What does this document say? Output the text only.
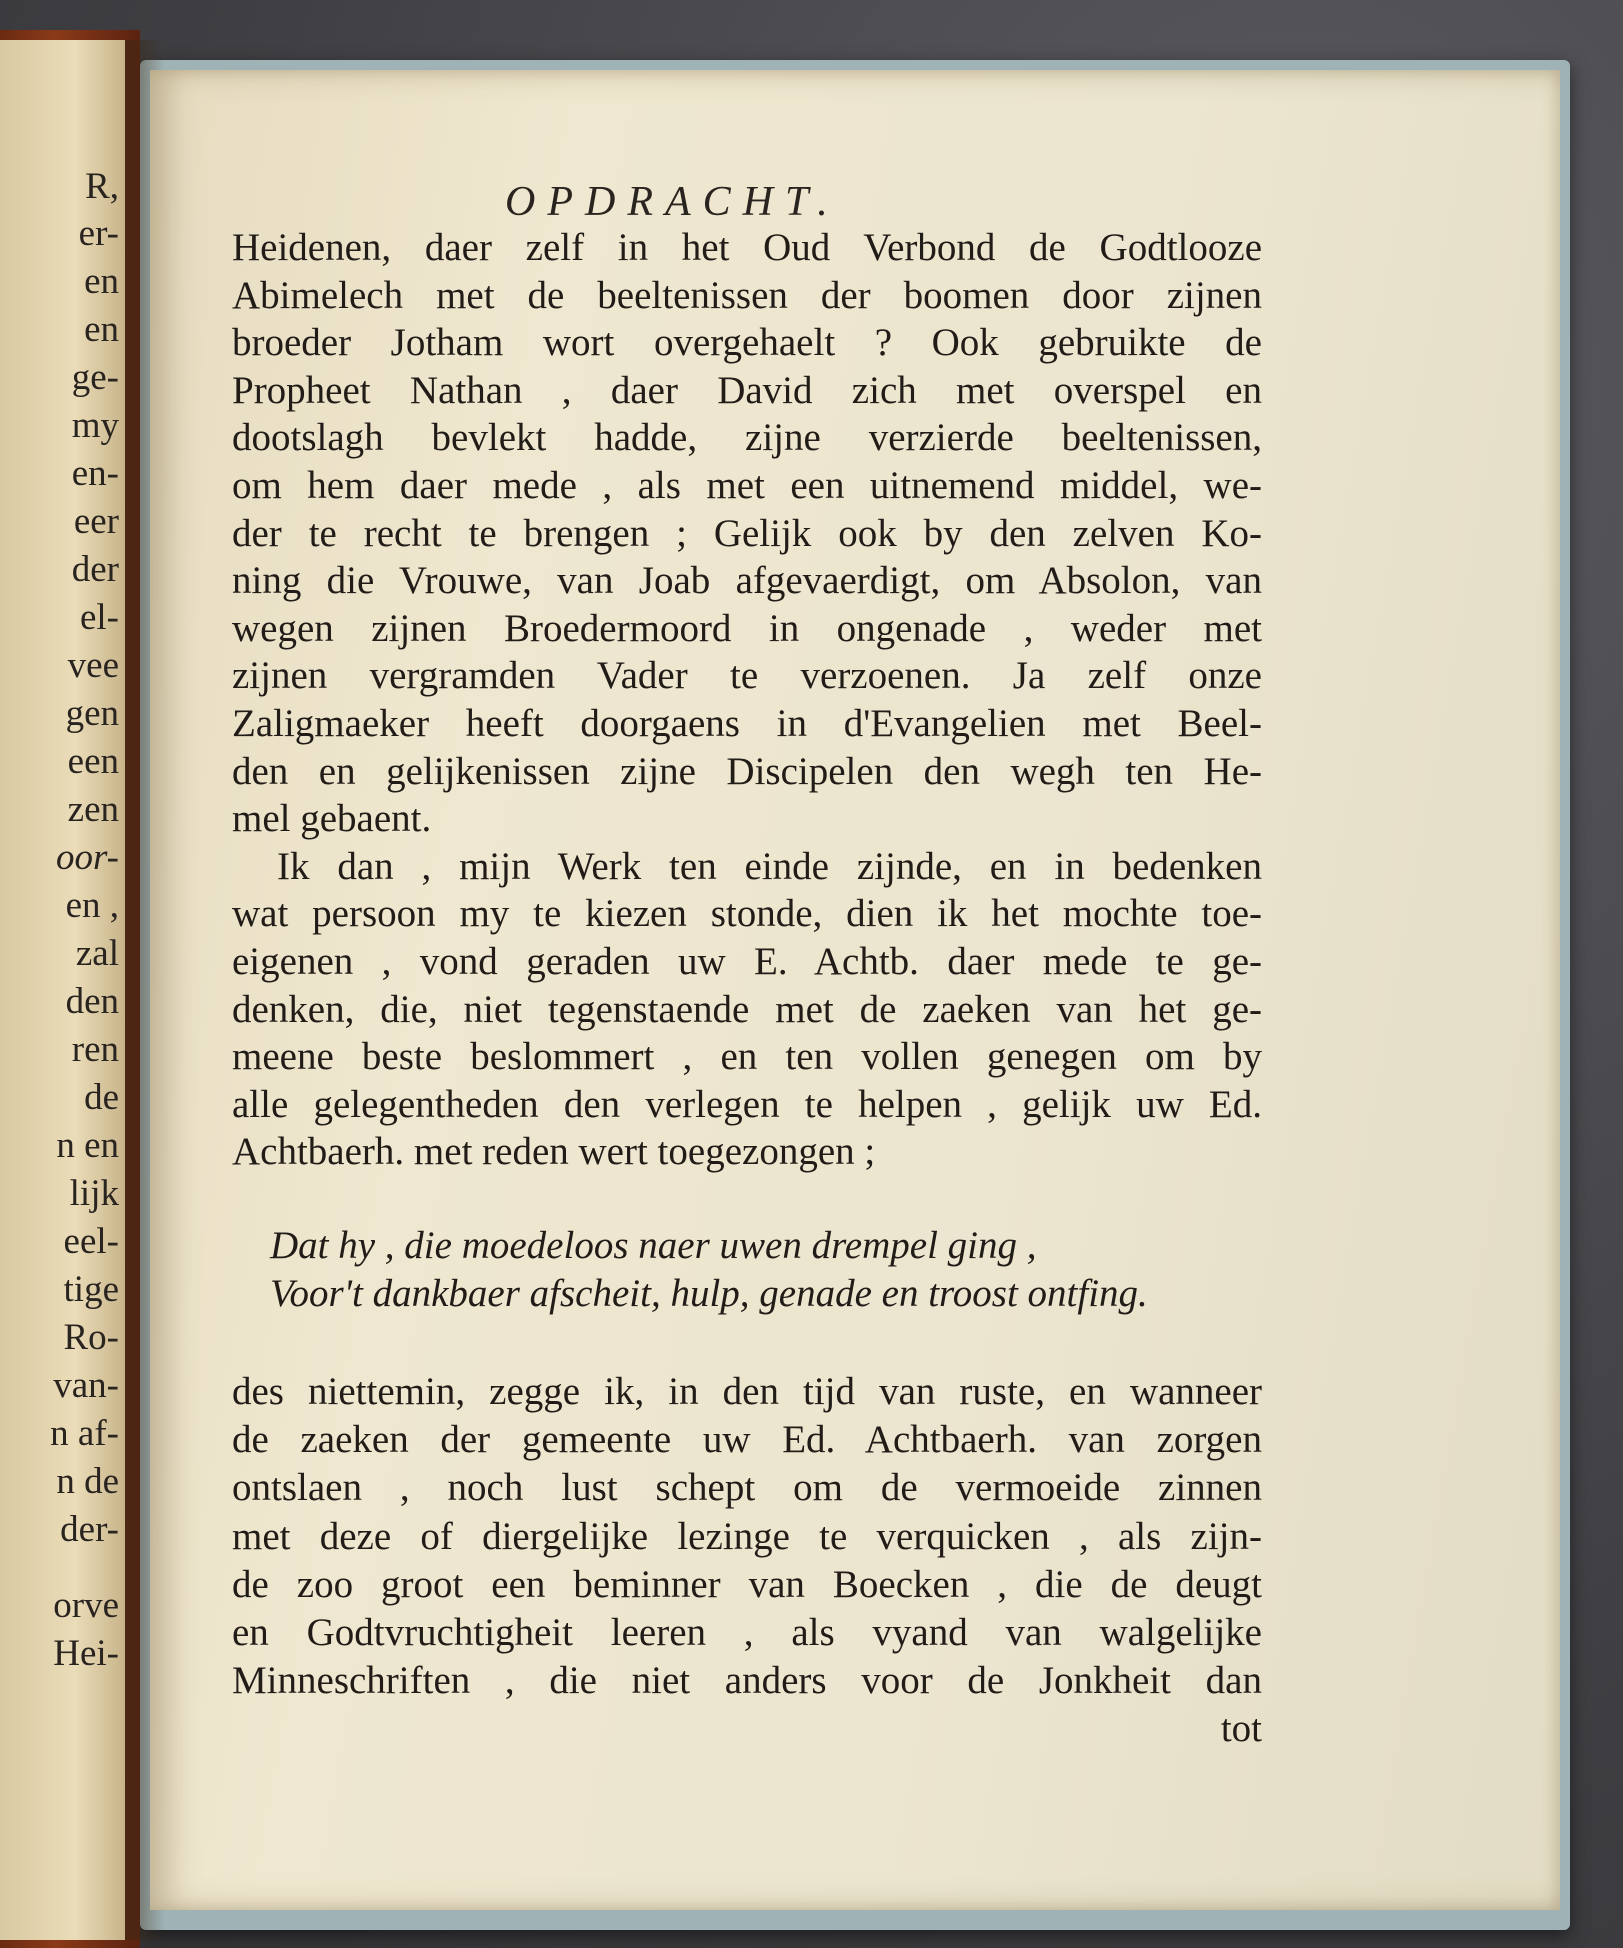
R,
er-
en
en
ge-
my
en-
eer
der
el-
vee
gen
een
zen
oor-
en ,
zal
den
ren
de
n en
lijk
eel-
tige
Ro-
van-
n af-
n de
der-
orve
Hei-
OPDRACHT.
Heidenen, daer zelf in het Oud Verbond de Godtlooze
Abimelech met de beeltenissen der boomen door zijnen
broeder Jotham wort overgehaelt ? Ook gebruikte de
Propheet Nathan , daer David zich met overspel en
dootslagh bevlekt hadde, zijne verzierde beeltenissen,
om hem daer mede , als met een uitnemend middel, we-
der te recht te brengen ; Gelijk ook by den zelven Ko-
ning die Vrouwe, van Joab afgevaerdigt, om Absolon, van
wegen zijnen Broedermoord in ongenade , weder met
zijnen vergramden Vader te verzoenen. Ja zelf onze
Zaligmaeker heeft doorgaens in d'Evangelien met Beel-
den en gelijkenissen zijne Discipelen den wegh ten He-
mel gebaent.
Ik dan , mijn Werk ten einde zijnde, en in bedenken
wat persoon my te kiezen stonde, dien ik het mochte toe-
eigenen , vond geraden uw E. Achtb. daer mede te ge-
denken, die, niet tegenstaende met de zaeken van het ge-
meene beste beslommert , en ten vollen genegen om by
alle gelegentheden den verlegen te helpen , gelijk uw Ed.
Achtbaerh. met reden wert toegezongen ;
Dat hy , die moedeloos naer uwen drempel ging ,
Voor't dankbaer afscheit, hulp, genade en troost ontfing.
des niettemin, zegge ik, in den tijd van ruste, en wanneer
de zaeken der gemeente uw Ed. Achtbaerh. van zorgen
ontslaen , noch lust schept om de vermoeide zinnen
met deze of diergelijke lezinge te verquicken , als zijn-
de zoo groot een beminner van Boecken , die de deugt
en Godtvruchtigheit leeren , als vyand van walgelijke
Minneschriften , die niet anders voor de Jonkheit dan
tot
